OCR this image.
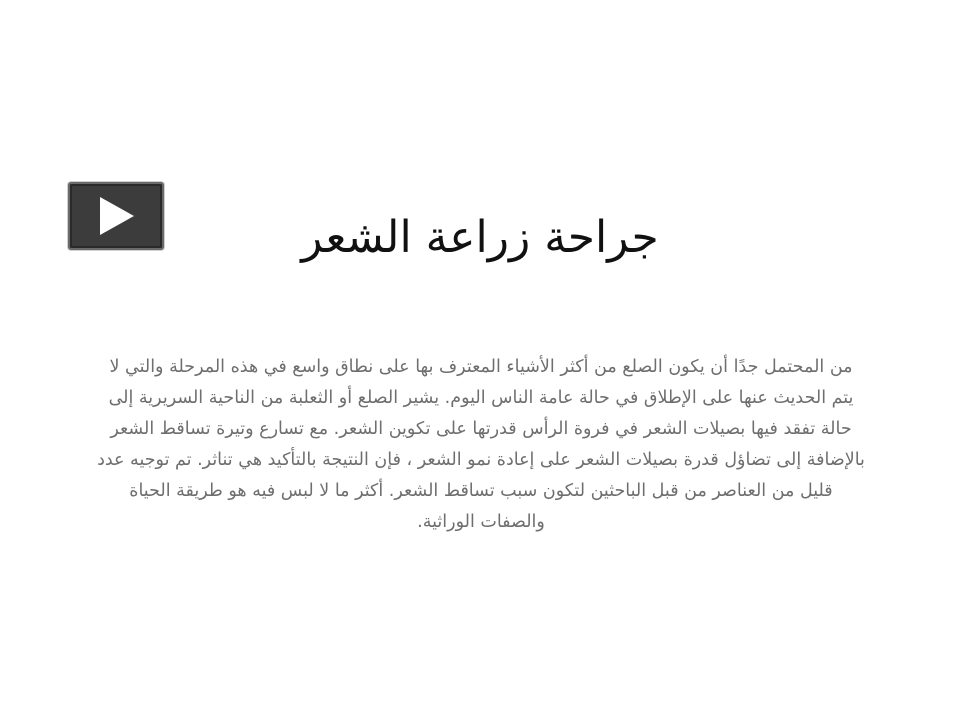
جراحة زراعة الشعر

من المحتمل جدًا أن يكون الصلع من أكثر الأشياء المعترف بها على نطاق واسع في هذه المرحلة والتي لا يتم الحديث عنها على الإطلاق في حالة عامة الناس اليوم. يشير الصلع أو الثعلبة من الناحية السريرية إلى حالة تفقد فيها بصيلات الشعر في فروة الرأس قدرتها على تكوين الشعر. مع تسارع وتيرة تساقط الشعر بالإضافة إلى تضاؤل قدرة بصيلات الشعر على إعادة نمو الشعر ، فإن النتيجة بالتأكيد هي تناثر. تم توجيه عدد قليل من العناصر من قبل الباحثين لتكون سبب تساقط الشعر. أكثر ما لا لبس فيه هو طريقة الحياة والصفات الوراثية.
